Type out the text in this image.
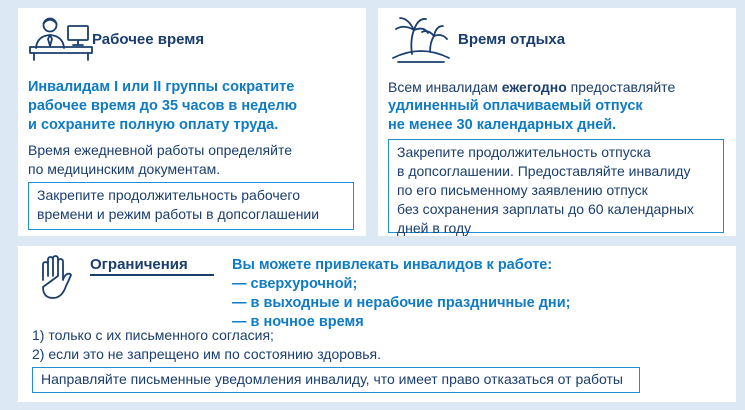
Рабочее время
Инвалидам I или II группы сократите
рабочее время до 35 часов в неделю
и сохраните полную оплату труда.
Время ежедневной работы определяйте
по медицинским документам.
Закрепите продолжительность рабочего
времени и режим работы в допсоглашении
Время отдыха
Всем инвалидам ежегодно предоставляйте
удлиненный оплачиваемый отпуск
не менее 30 календарных дней.
Закрепите продолжительность отпуска
в допсоглашении. Предоставляйте инвалиду
по его письменному заявлению отпуск
без сохранения зарплаты до 60 календарных
дней в году
Ограничения	Вы можете привлекать инвалидов к работе:
— сверхурочной;
— в выходные и нерабочие праздничные дни;
— в ночное время
1) только с их письменного согласия;
2) если это не запрещено им по состоянию здоровья.
Направляйте письменные уведомления инвалиду, что имеет право отказаться от работы
